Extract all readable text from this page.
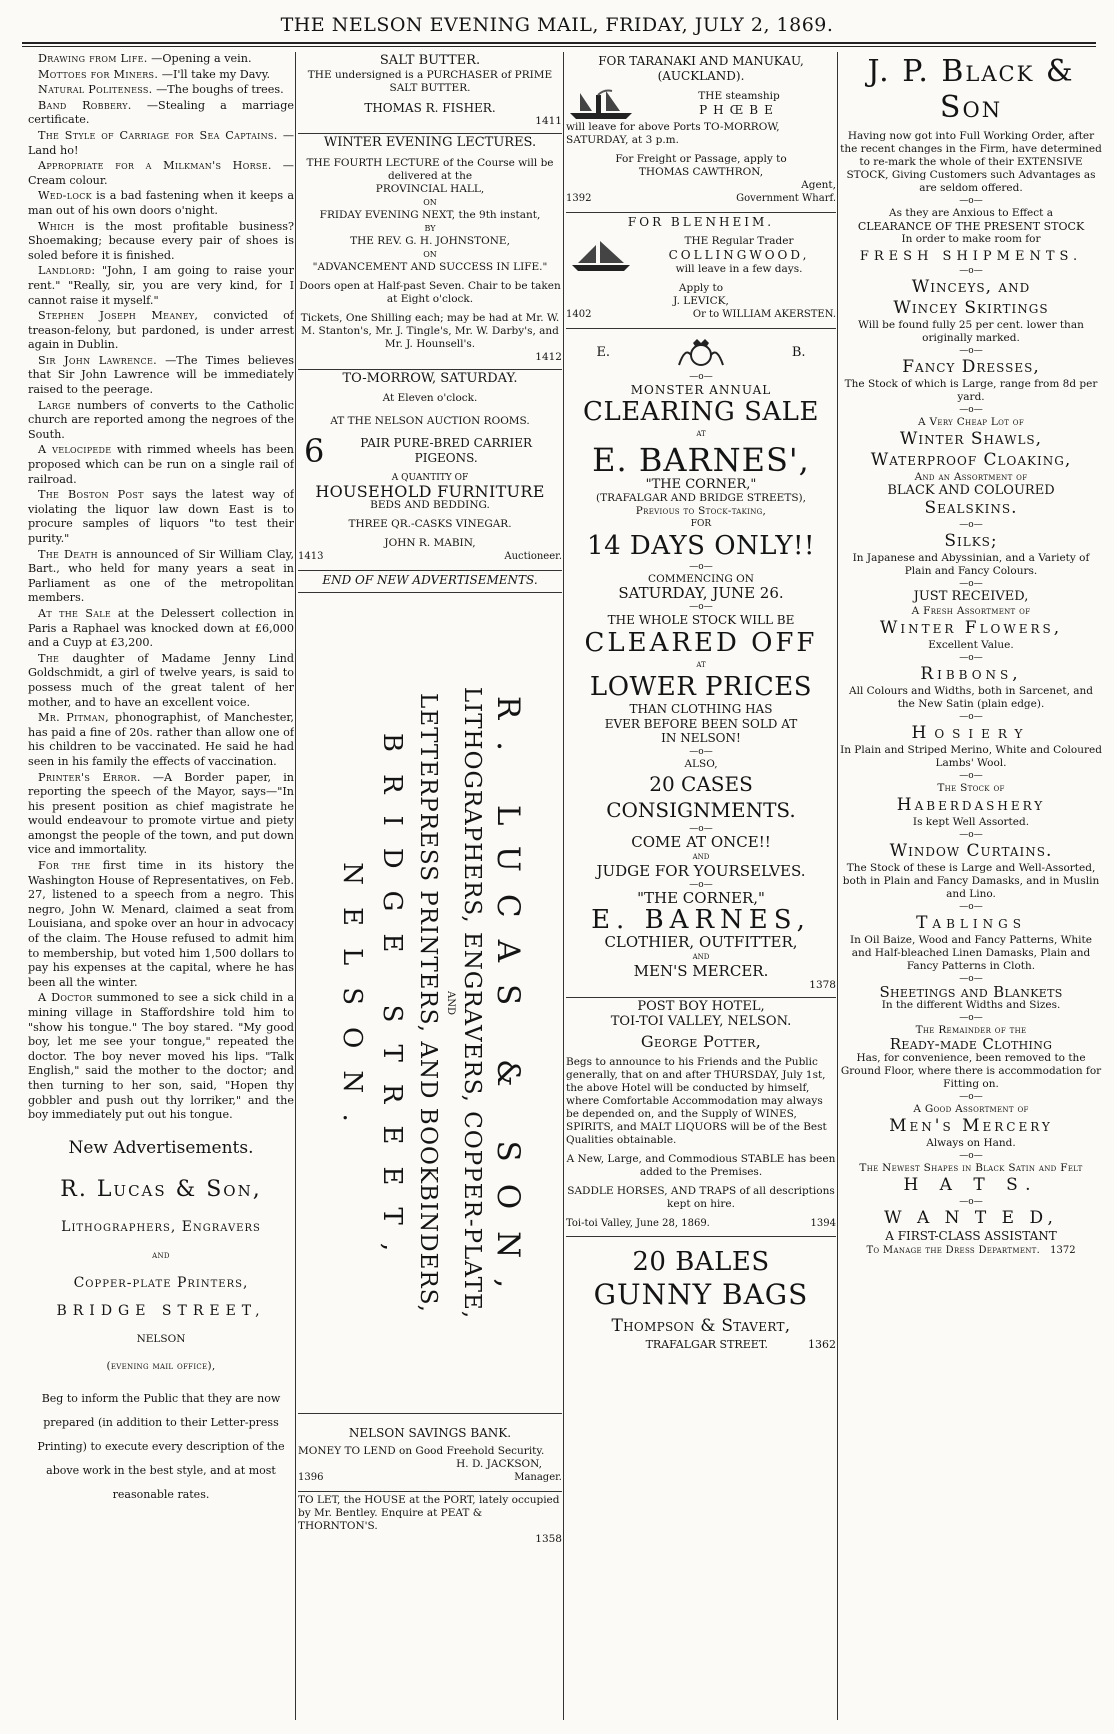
THE NELSON EVENING MAIL, FRIDAY, JULY 2, 1869.
Drawing from Life. —Opening a vein.
Mottoes for Miners. —I'll take my Davy.
Natural Politeness. —The boughs of trees.
Band Robbery. —Stealing a marriage certificate.
The Style of Carriage for Sea Captains. —Land ho!
Appropriate for a Milkman's Horse. —Cream colour.
Wed-lock is a bad fastening when it keeps a man out of his own doors o'night.
Which is the most profitable business? Shoemaking; because every pair of shoes is soled before it is finished.
Landlord: "John, I am going to raise your rent." "Really, sir, you are very kind, for I cannot raise it myself."
Stephen Joseph Meaney, convicted of treason-felony, but pardoned, is under arrest again in Dublin.
Sir John Lawrence. —The Times believes that Sir John Lawrence will be immediately raised to the peerage.
Large numbers of converts to the Catholic church are reported among the negroes of the South.
A velocipede with rimmed wheels has been proposed which can be run on a single rail of railroad.
The Boston Post says the latest way of violating the liquor law down East is to procure samples of liquors "to test their purity."
The Death is announced of Sir William Clay, Bart., who held for many years a seat in Parliament as one of the metropolitan members.
At the Sale at the Delessert collection in Paris a Raphael was knocked down at £6,000 and a Cuyp at £3,200.
The daughter of Madame Jenny Lind Goldschmidt, a girl of twelve years, is said to possess much of the great talent of her mother, and to have an excellent voice.
Mr. Pitman, phonographist, of Manchester, has paid a fine of 20s. rather than allow one of his children to be vaccinated. He said he had seen in his family the effects of vaccination.
Printer's Error. —A Border paper, in reporting the speech of the Mayor, says—"In his present position as chief magistrate he would endeavour to promote virtue and piety amongst the people of the town, and put down vice and immortality.
For the first time in its history the Washington House of Representatives, on Feb. 27, listened to a speech from a negro. This negro, John W. Menard, claimed a seat from Louisiana, and spoke over an hour in advocacy of the claim. The House refused to admit him to membership, but voted him 1,500 dollars to pay his expenses at the capital, where he has been all the winter.
A Doctor summoned to see a sick child in a mining village in Staffordshire told him to "show his tongue." The boy stared. "My good boy, let me see your tongue," repeated the doctor. The boy never moved his lips. "Talk English," said the mother to the doctor; and then turning to her son, said, "Hopen thy gobbler and push out thy lorriker," and the boy immediately put out his tongue.
New Advertisements.
R. Lucas & Son,
Lithographers, Engravers
and
Copper-plate Printers,
BRIDGE STREET,
NELSON
(evening mail office),
Beg to inform the Public that they are now prepared (in addition to their Letter-press Printing) to execute every description of the above work in the best style, and at most reasonable rates.
SALT BUTTER.
THE undersigned is a PURCHASER of PRIME SALT BUTTER.
THOMAS R. FISHER.
1411
WINTER EVENING LECTURES.
THE FOURTH LECTURE of the Course will be delivered at the
PROVINCIAL HALL,
ON
FRIDAY EVENING NEXT, the 9th instant,
BY
THE REV. G. H. JOHNSTONE,
ON
"ADVANCEMENT AND SUCCESS IN LIFE."
Doors open at Half-past Seven. Chair to be taken at Eight o'clock.
Tickets, One Shilling each; may be had at Mr. W. M. Stanton's, Mr. J. Tingle's, Mr. W. Darby's, and Mr. J. Hounsell's.
1412
TO-MORROW, SATURDAY.
At Eleven o'clock.
AT THE NELSON AUCTION ROOMS.
6	PAIR PURE-BRED CARRIER PIGEONS.
A QUANTITY OF
HOUSEHOLD FURNITURE
BEDS AND BEDDING.
THREE QR.-CASKS VINEGAR.
JOHN R. MABIN,
1413	Auctioneer.
END OF NEW ADVERTISEMENTS.
R. LUCAS & SON,
LITHOGRAPHERS, ENGRAVERS, COPPER-PLATE,
AND
LETTERPRESS PRINTERS, AND BOOKBINDERS,
BRIDGE STREET, NELSON.
NELSON SAVINGS BANK.
MONEY TO LEND on Good Freehold Security.
H. D. JACKSON,
1396	Manager.
TO LET, the HOUSE at the PORT, lately occupied by Mr. Bentley. Enquire at PEAT & THORNTON'S.
1358
FOR TARANAKI AND MANUKAU, (AUCKLAND).
THE steamship
PHŒBE
will leave for above Ports TO-MORROW, SATURDAY, at 3 p.m.
For Freight or Passage, apply to
THOMAS CAWTHRON,
Agent,
1392	Government Wharf.
FOR BLENHEIM.
THE Regular Trader
COLLINGWOOD,
will leave in a few days.
Apply to
J. LEVICK,
1402	Or to WILLIAM AKERSTEN.
E.	B.
—o—
MONSTER ANNUAL
CLEARING SALE
AT
E. BARNES',
"THE CORNER,"
(TRAFALGAR AND BRIDGE STREETS),
Previous to Stock-taking,
FOR
14 DAYS ONLY!!
—o—
COMMENCING ON
SATURDAY, JUNE 26.
—o—
THE WHOLE STOCK WILL BE
CLEARED OFF
AT
LOWER PRICES
THAN CLOTHING HAS
EVER BEFORE BEEN SOLD AT
IN NELSON!
—o—
ALSO,
20 CASES CONSIGNMENTS.
—o—
COME AT ONCE!!
AND
JUDGE FOR YOURSELVES.
—o—
"THE CORNER,"
E. BARNES,
CLOTHIER, OUTFITTER,
AND
MEN'S MERCER.
1378
POST BOY HOTEL,
TOI-TOI VALLEY, NELSON.
George Potter,
Begs to announce to his Friends and the Public generally, that on and after THURSDAY, July 1st, the above Hotel will be conducted by himself, where Comfortable Accommodation may always be depended on, and the Supply of WINES, SPIRITS, and MALT LIQUORS will be of the Best Qualities obtainable.
A New, Large, and Commodious STABLE has been added to the Premises.
SADDLE HORSES, AND TRAPS of all descriptions kept on hire.
Toi-toi Valley, June 28, 1869.	1394
20 BALES
GUNNY BAGS
Thompson & Stavert,
TRAFALGAR STREET.	1362
J. P. Black & Son
Having now got into Full Working Order, after the recent changes in the Firm, have determined to re-mark the whole of their EXTENSIVE STOCK, Giving Customers such Advantages as are seldom offered.
—o—
As they are Anxious to Effect a
CLEARANCE OF THE PRESENT STOCK
In order to make room for
FRESH SHIPMENTS.
—o—
Winceys, and
Wincey Skirtings
Will be found fully 25 per cent. lower than originally marked.
—o—
Fancy Dresses,
The Stock of which is Large, range from 8d per yard.
—o—
A Very Cheap Lot of
Winter Shawls,
Waterproof Cloaking,
And an Assortment of
BLACK AND COLOURED
Sealskins.
—o—
Silks;
In Japanese and Abyssinian, and a Variety of Plain and Fancy Colours.
—o—
JUST RECEIVED,
A Fresh Assortment of
Winter Flowers,
Excellent Value.
—o—
Ribbons,
All Colours and Widths, both in Sarcenet, and the New Satin (plain edge).
—o—
Hosiery
In Plain and Striped Merino, White and Coloured Lambs' Wool.
—o—
The Stock of
Haberdashery
Is kept Well Assorted.
—o—
Window Curtains.
The Stock of these is Large and Well-Assorted, both in Plain and Fancy Damasks, and in Muslin and Lino.
—o—
Tablings
In Oil Baize, Wood and Fancy Patterns, White and Half-bleached Linen Damasks, Plain and Fancy Patterns in Cloth.
—o—
Sheetings and Blankets
In the different Widths and Sizes.
—o—
The Remainder of the
Ready-made Clothing
Has, for convenience, been removed to the Ground Floor, where there is accommodation for Fitting on.
—o—
A Good Assortment of
Men's Mercery
Always on Hand.
—o—
The Newest Shapes in Black Satin and Felt
H A T S.
—o—
W A N T E D,
A FIRST-CLASS ASSISTANT
To Manage the Dress Department. 1372
